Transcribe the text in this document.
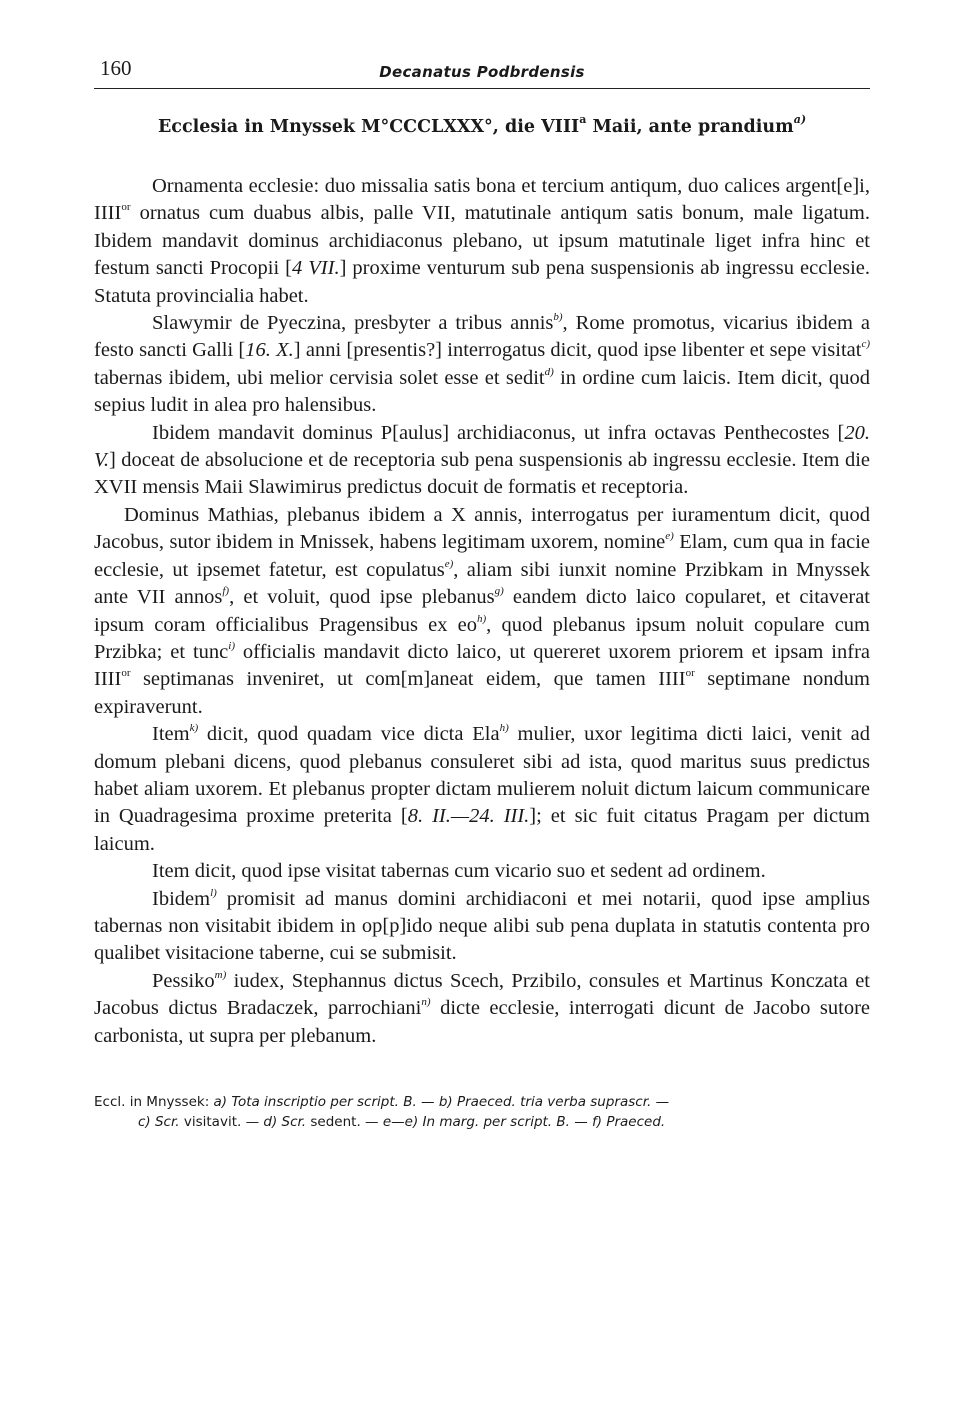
160	Decanatus Podbrdensis
Ecclesia in Mnyssek M°CCCLXXX°, die VIII$^a$ Maii, ante prandium$^{a)}$

Ornamenta ecclesie: duo missalia satis bona et tercium antiqum, duo calices argent[e]i, $IIII^{or}$ ornatus cum duabus albis, palle VII, matutinale antiqum satis bonum, male ligatum. Ibidem mandavit dominus archidiaconus plebano, ut ipsum matutinale liget infra hinc et festum sancti Procopii [4 VII.] proxime venturum sub pena suspensionis ab ingressu ecclesie. Statuta provincialia habet.

Slawymir de Pyeczina, presbyter a tribus annis$^{b)}$, Rome promotus, vicarius ibidem a festo sancti Galli [16. X.] anni [presentis?] interrogatus dicit, quod ipse libenter et sepe visitat$^{c)}$ tabernas ibidem, ubi melior cervisia solet esse et sedit$^{d)}$ in ordine cum laicis. Item dicit, quod sepius ludit in alea pro halensibus.

Ibidem mandavit dominus P[aulus] archidiaconus, ut infra octavas Penthecostes [20. V.] doceat de absolucione et de receptoria sub pena suspensionis ab ingressu ecclesie. Item die XVII mensis Maii Slawimirus predictus docuit de formatis et receptoria.

Dominus Mathias, plebanus ibidem a X annis, interrogatus per iuramentum dicit, quod Jacobus, sutor ibidem in Mnissek, habens legitimam uxorem, nomine$^{e)}$ Elam, cum qua in facie ecclesie, ut ipsemet fatetur, est copulatus$^{e)}$, aliam sibi iunxit nomine Przibkam in Mnyssek ante VII annos$^{f)}$, et voluit, quod ipse plebanus$^{g)}$ eandem dicto laico copularet, et citaverat ipsum coram officialibus Pragensibus ex $eo^{h)}$, quod plebanus ipsum noluit copulare cum Przibka; et tunc$^{i)}$ officialis mandavit dicto laico, ut quereret uxorem priorem et ipsam infra $IIII^{or}$ septimanas inveniret, ut com[m]aneat eidem, que tamen $IIII^{or}$ septimane nondum expiraverunt.

Item$^{k)}$ dicit, quod quadam vice dicta Ela$^{h)}$ mulier, uxor legitima dicti laici, venit ad domum plebani dicens, quod plebanus consuleret sibi ad ista, quod maritus suus predictus habet aliam uxorem. Et plebanus propter dictam mulierem noluit dictum laicum communicare in Quadragesima proxime preterita [8. II.—24. III.]; et sic fuit citatus Pragam per dictum laicum.

Item dicit, quod ipse visitat tabernas cum vicario suo et sedent ad ordinem.

Ibidem$^{l)}$ promisit ad manus domini archidiaconi et mei notarii, quod ipse amplius tabernas non visitabit ibidem in op[p]ido neque alibi sub pena duplata in statutis contenta pro qualibet visitacione taberne, cui se submisit.

Pessiko$^{m)}$ iudex, Stephannus dictus Scech, Przibilo, consules et Martinus Konczata et Jacobus dictus Bradaczek, parrochiani$^{n)}$ dicte ecclesie, interrogati dicunt de Jacobo sutore carbonista, ut supra per plebanum.

Eccl. in Mnyssek: a) Tota inscriptio per script. B. — b) Praeced. tria verba suprascr. —
c) Scr. visitavit. — d) Scr. sedent. — e—e) In marg. per script. B. — f) Praeced.
